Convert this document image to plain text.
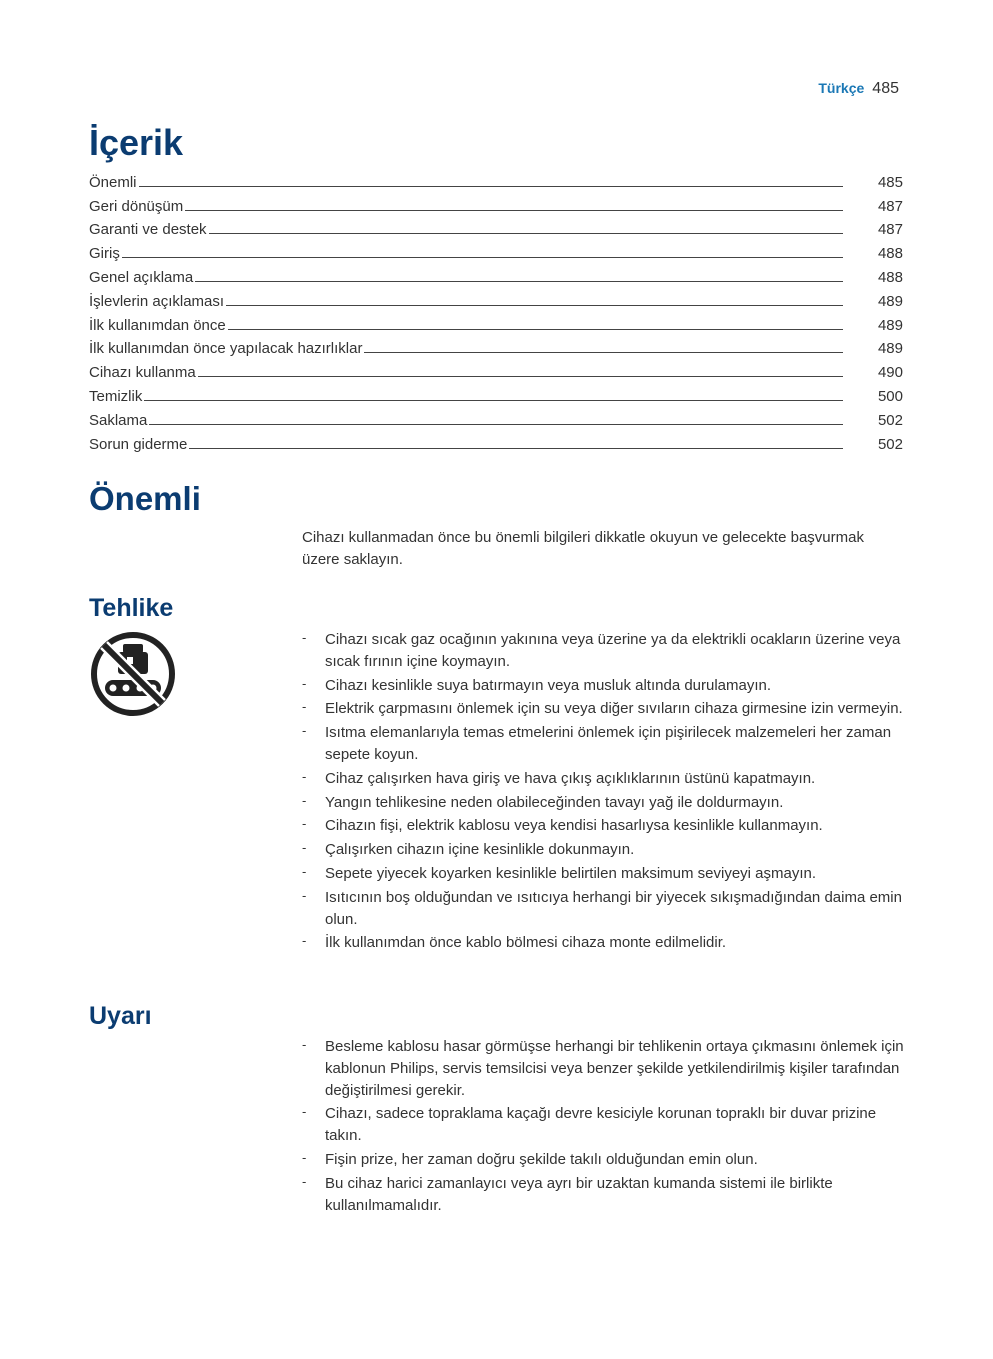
Türkçe 485
İçerik
Önemli	485
Geri dönüşüm	487
Garanti ve destek	487
Giriş	488
Genel açıklama	488
İşlevlerin açıklaması	489
İlk kullanımdan önce	489
İlk kullanımdan önce yapılacak hazırlıklar	489
Cihazı kullanma	490
Temizlik	500
Saklama	502
Sorun giderme	502
Önemli

Cihazı kullanmadan önce bu önemli bilgileri dikkatle okuyun ve gelecekte başvurmak üzere saklayın.

Tehlike
- Cihazı sıcak gaz ocağının yakınına veya üzerine ya da elektrikli ocakların üzerine veya sıcak fırının içine koymayın.
- Cihazı kesinlikle suya batırmayın veya musluk altında durulamayın.
- Elektrik çarpmasını önlemek için su veya diğer sıvıların cihaza girmesine izin vermeyin.
- Isıtma elemanlarıyla temas etmelerini önlemek için pişirilecek malzemeleri her zaman sepete koyun.
- Cihaz çalışırken hava giriş ve hava çıkış açıklıklarının üstünü kapatmayın.
- Yangın tehlikesine neden olabileceğinden tavayı yağ ile doldurmayın.
- Cihazın fişi, elektrik kablosu veya kendisi hasarlıysa kesinlikle kullanmayın.
- Çalışırken cihazın içine kesinlikle dokunmayın.
- Sepete yiyecek koyarken kesinlikle belirtilen maksimum seviyeyi aşmayın.
- Isıtıcının boş olduğundan ve ısıtıcıya herhangi bir yiyecek sıkışmadığından daima emin olun.
- İlk kullanımdan önce kablo bölmesi cihaza monte edilmelidir.
Uyarı
- Besleme kablosu hasar görmüşse herhangi bir tehlikenin ortaya çıkmasını önlemek için kablonun Philips, servis temsilcisi veya benzer şekilde yetkilendirilmiş kişiler tarafından değiştirilmesi gerekir.
- Cihazı, sadece topraklama kaçağı devre kesiciyle korunan topraklı bir duvar prizine takın.
- Fişin prize, her zaman doğru şekilde takılı olduğundan emin olun.
- Bu cihaz harici zamanlayıcı veya ayrı bir uzaktan kumanda sistemi ile birlikte kullanılmamalıdır.
